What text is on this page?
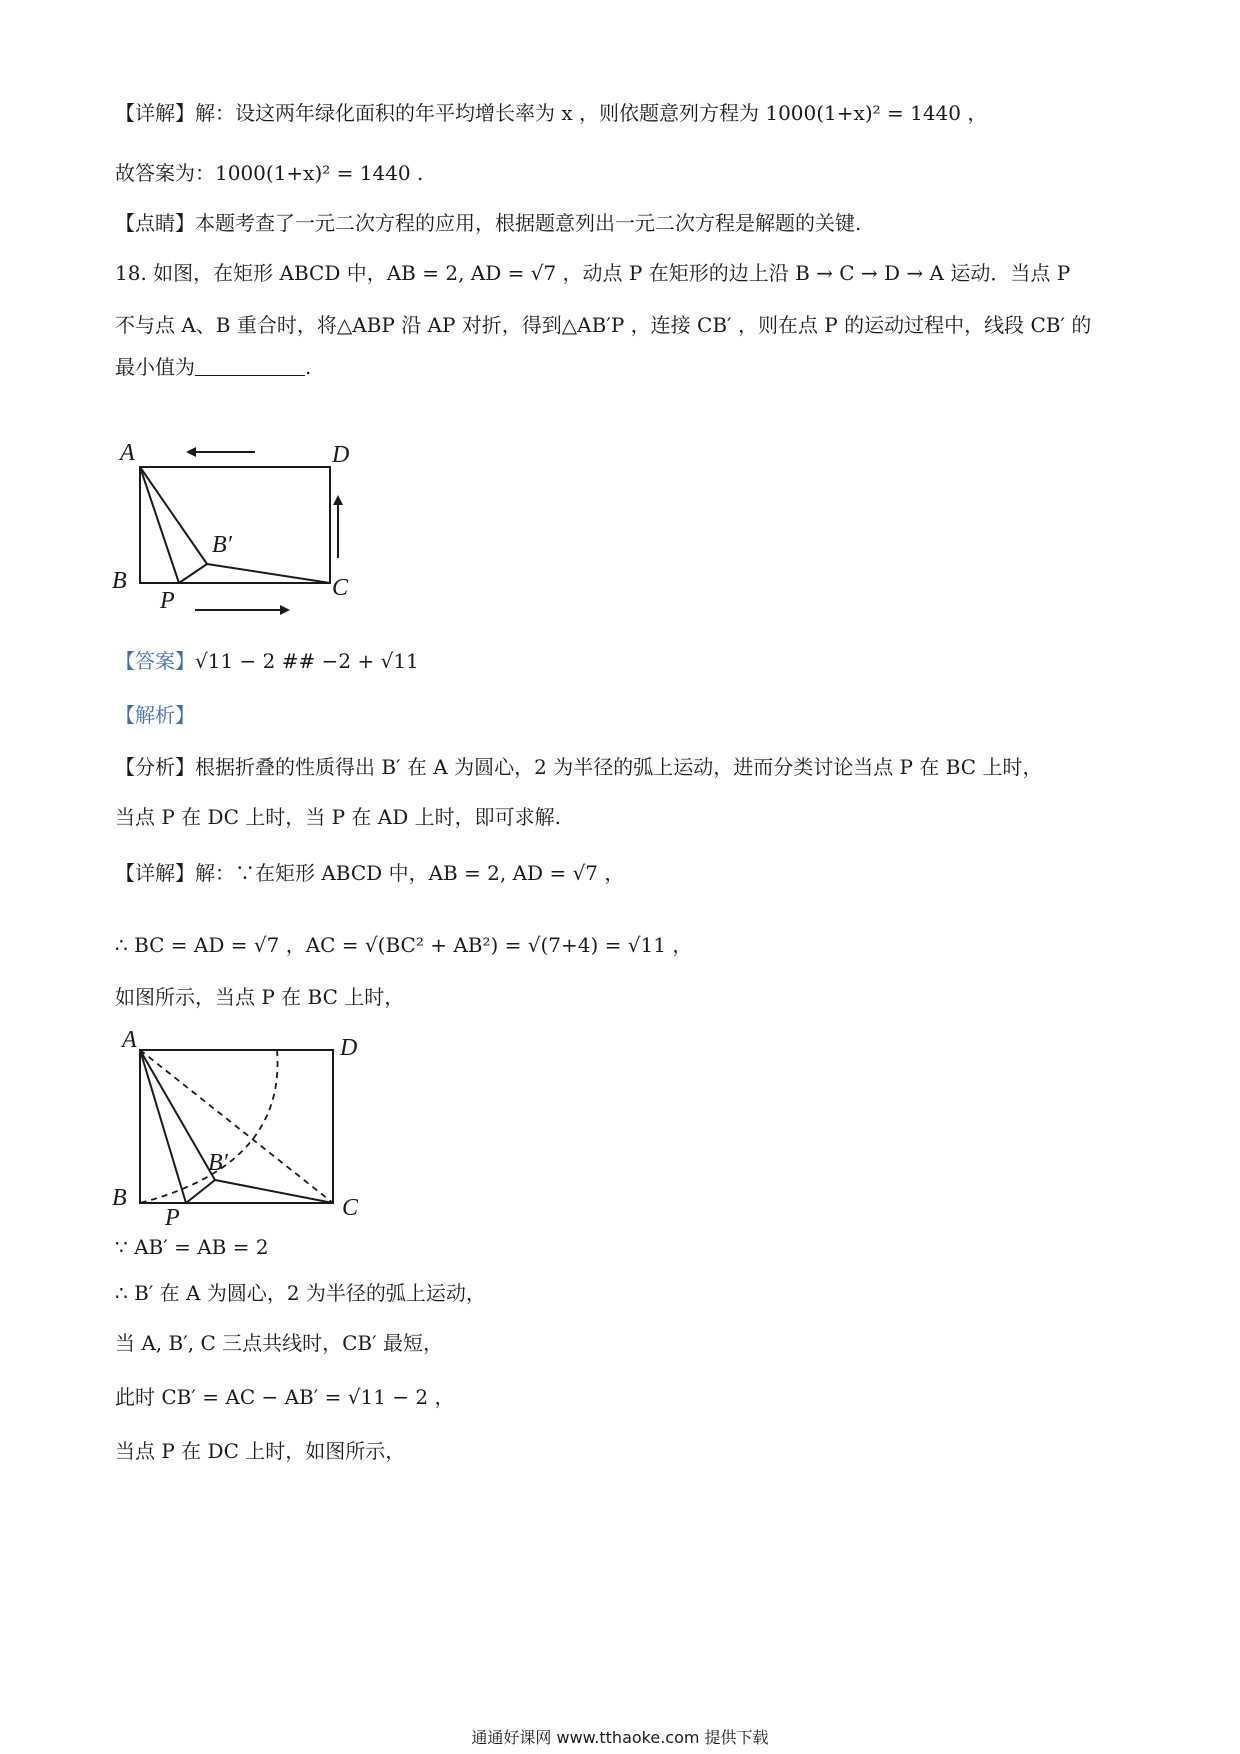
【详解】解：设这两年绿化面积的年平均增长率为 x ，则依题意列方程为 1000(1+x)² = 1440 ，
故答案为：1000(1+x)² = 1440 .
【点睛】本题考查了一元二次方程的应用，根据题意列出一元二次方程是解题的关键.
18. 如图，在矩形 ABCD 中，AB = 2, AD = √7 ，动点 P 在矩形的边上沿 B → C → D → A 运动．当点 P
不与点 A、B 重合时，将△ABP 沿 AP 对折，得到△AB′P ，连接 CB′ ，则在点 P 的运动过程中，线段 CB′ 的
最小值为	.
A	D
B	C
P
B′
【答案】√11 − 2 ## −2 + √11
【解析】
【分析】根据折叠的性质得出 B′ 在 A 为圆心，2 为半径的弧上运动，进而分类讨论当点 P 在 BC 上时，
当点 P 在 DC 上时，当 P 在 AD 上时，即可求解.
【详解】解：∵在矩形 ABCD 中，AB = 2, AD = √7 ，
∴ BC = AD = √7 ，AC = √(BC² + AB²) = √(7+4) = √11 ，
如图所示，当点 P 在 BC 上时，
A	D
B	C
P
B′
∵ AB′ = AB = 2
∴ B′ 在 A 为圆心，2 为半径的弧上运动，
当 A, B′, C 三点共线时，CB′ 最短，
此时 CB′ = AC − AB′ = √11 − 2 ，
当点 P 在 DC 上时，如图所示，
通通好课网 www.tthaoke.com 提供下载
